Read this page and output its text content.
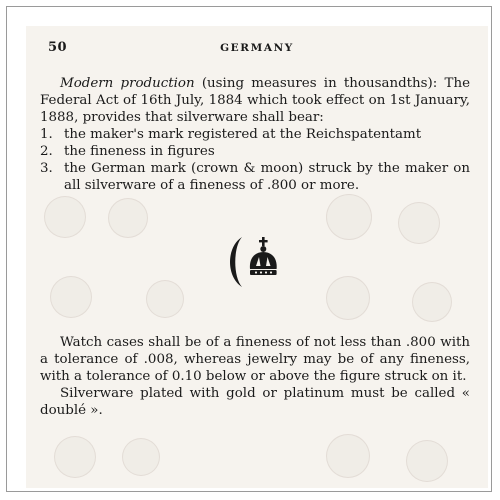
50	GERMANY

Modern production (using measures in thousandths): The Federal Act of 16th July, 1884 which took effect on 1st January, 1888, provides that silverware shall bear:

1. the maker's mark registered at the Reichspatentamt
2. the fineness in figures
3. the German mark (crown & moon) struck by the maker on all silverware of a fineness of .800 or more.

Watch cases shall be of a fineness of not less than .800 with a tolerance of .008, whereas jewelry may be of any fineness, with a tolerance of 0.10 below or above the figure struck on it.

Silverware plated with gold or platinum must be called « doublé ».
